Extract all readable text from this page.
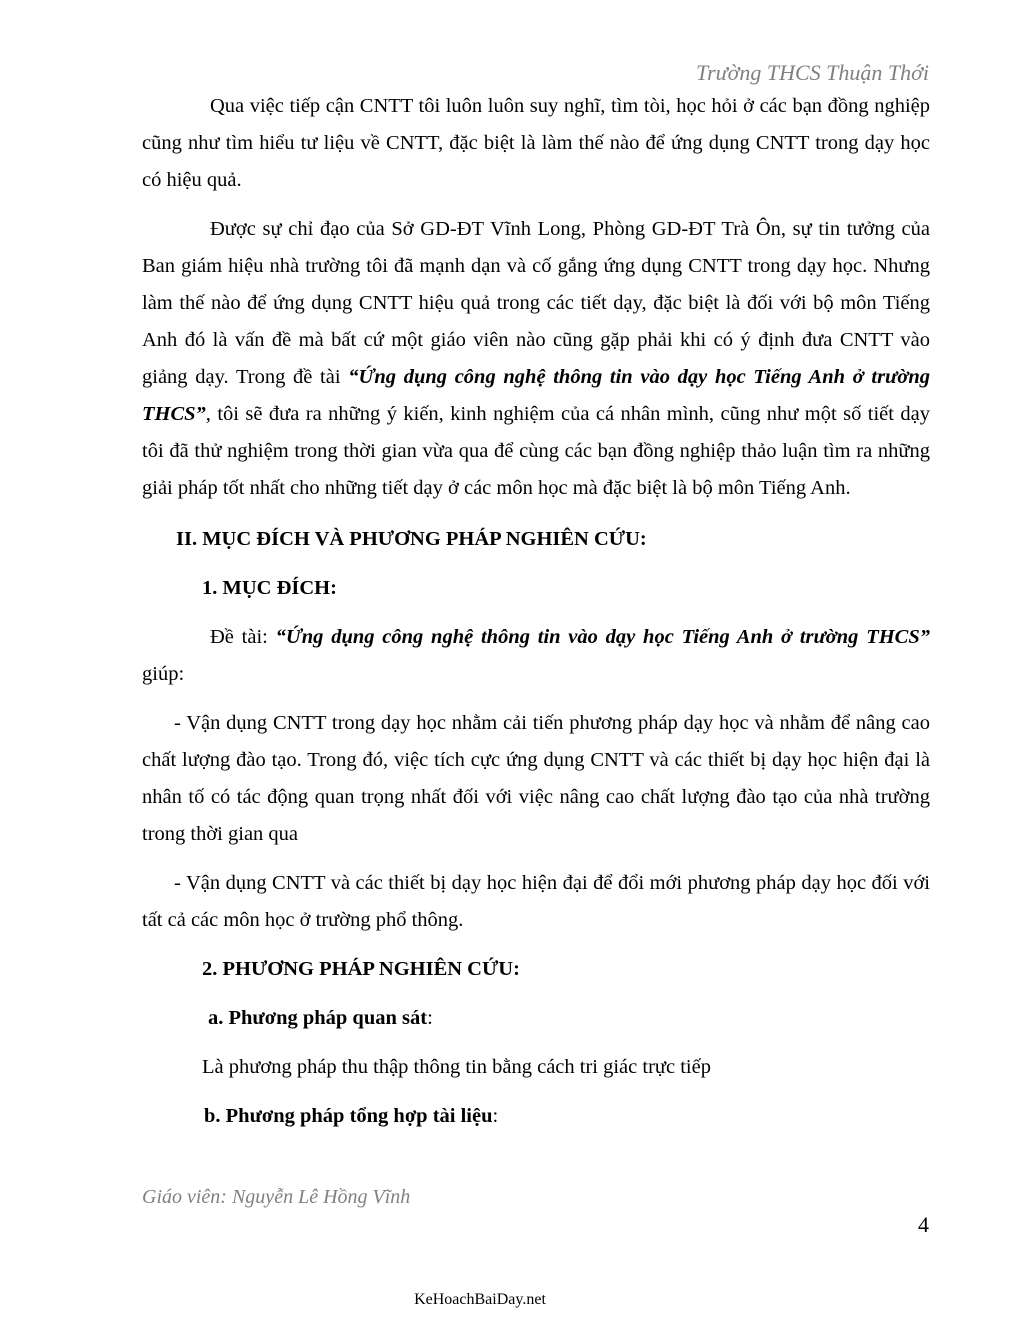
Trường THCS Thuận Thới

Qua việc tiếp cận CNTT tôi luôn luôn suy nghĩ, tìm tòi, học hỏi ở các bạn đồng nghiệp cũng như tìm hiểu tư liệu về CNTT, đặc biệt là làm thế nào để ứng dụng CNTT trong dạy học có hiệu quả.

Được sự chỉ đạo của Sở GD-ĐT Vĩnh Long, Phòng GD-ĐT Trà Ôn, sự tin tưởng của Ban giám hiệu nhà trường tôi đã mạnh dạn và cố gắng ứng dụng CNTT trong dạy học. Nhưng làm thế nào để ứng dụng CNTT hiệu quả trong các tiết dạy, đặc biệt là đối với bộ môn Tiếng Anh đó là vấn đề mà bất cứ một giáo viên nào cũng gặp phải khi có ý định đưa CNTT vào giảng dạy. Trong đề tài “Ứng dụng công nghệ thông tin vào dạy học Tiếng Anh ở trường THCS”, tôi sẽ đưa ra những ý kiến, kinh nghiệm của cá nhân mình, cũng như một số tiết dạy tôi đã thử nghiệm trong thời gian vừa qua để cùng các bạn đồng nghiệp thảo luận tìm ra những giải pháp tốt nhất cho những tiết dạy ở các môn học mà đặc biệt là bộ môn Tiếng Anh.

II. MỤC ĐÍCH VÀ PHƯƠNG PHÁP NGHIÊN CỨU:

1. MỤC ĐÍCH:

Đề tài: “Ứng dụng công nghệ thông tin vào dạy học Tiếng Anh ở trường THCS” giúp:

- Vận dụng CNTT trong dạy học nhằm cải tiến phương pháp dạy học và nhằm để nâng cao chất lượng đào tạo. Trong đó, việc tích cực ứng dụng CNTT và các thiết bị dạy học hiện đại là nhân tố có tác động quan trọng nhất đối với việc nâng cao chất lượng đào tạo của nhà trường trong thời gian qua

- Vận dụng CNTT và các thiết bị dạy học hiện đại để đổi mới phương pháp dạy học đối với tất cả các môn học ở trường phổ thông.

2. PHƯƠNG PHÁP NGHIÊN CỨU:

a. Phương pháp quan sát:

Là phương pháp thu thập thông tin bằng cách tri giác trực tiếp

b. Phương pháp tổng hợp tài liệu:

Giáo viên: Nguyễn Lê Hồng Vĩnh
4
KeHoachBaiDay.net
